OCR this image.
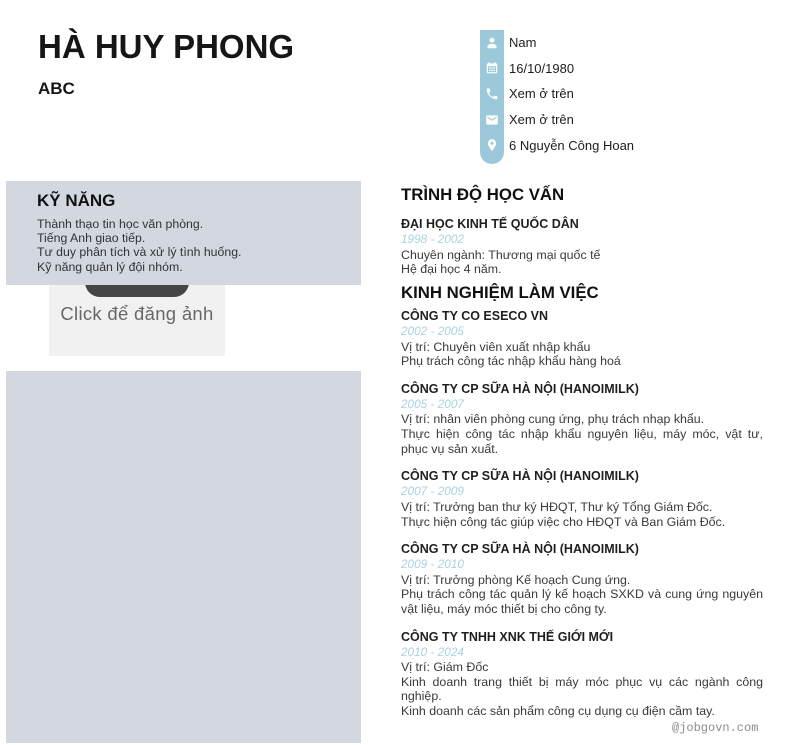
HÀ HUY PHONG
ABC
Nam
16/10/1980
Xem ở trên
Xem ở trên
6 Nguyễn Công Hoan
Click để đăng ảnh
KỸ NĂNG
Thành thạo tin học văn phòng.
Tiếng Anh giao tiếp.
Tư duy phân tích và xử lý tình huống.
Kỹ năng quản lý đội nhóm.
TRÌNH ĐỘ HỌC VẤN
ĐẠI HỌC KINH TẾ QUỐC DÂN
1998 - 2002
Chuyên ngành: Thương mại quốc tế
Hệ đại học 4 năm.
KINH NGHIỆM LÀM VIỆC
CÔNG TY CO ESECO VN
2002 - 2005
Vị trí: Chuyên viên xuất nhập khẩu
Phụ trách công tác nhập khẩu hàng hoá
CÔNG TY CP SỮA HÀ NỘI (HANOIMILK)
2005 - 2007
Vị trí: nhân viên phòng cung ứng, phụ trách nhạp khẩu.
Thực hiện công tác nhập khẩu nguyên liệu, máy móc, vật tư, phục vụ sản xuất.
CÔNG TY CP SỮA HÀ NỘI (HANOIMILK)
2007 - 2009
Vị trí: Trưởng ban thư ký HĐQT, Thư ký Tổng Giám Đốc.
Thực hiện công tác giúp việc cho HĐQT và Ban Giám Đốc.
CÔNG TY CP SỮA HÀ NỘI (HANOIMILK)
2009 - 2010
Vị trí: Trưởng phòng Kế hoạch Cung ứng.
Phụ trách công tác quản lý kế hoạch SXKD và cung ứng nguyên vật liệu, máy móc thiết bị cho công ty.
CÔNG TY TNHH XNK THẾ GIỚI MỚI
2010 - 2024
Vị trí: Giám Đốc
Kinh doanh trang thiết bị máy móc phục vụ các ngành công nghiệp.
Kinh doanh các sản phẩm công cụ dụng cụ điện cầm tay.
@jobgovn.com
